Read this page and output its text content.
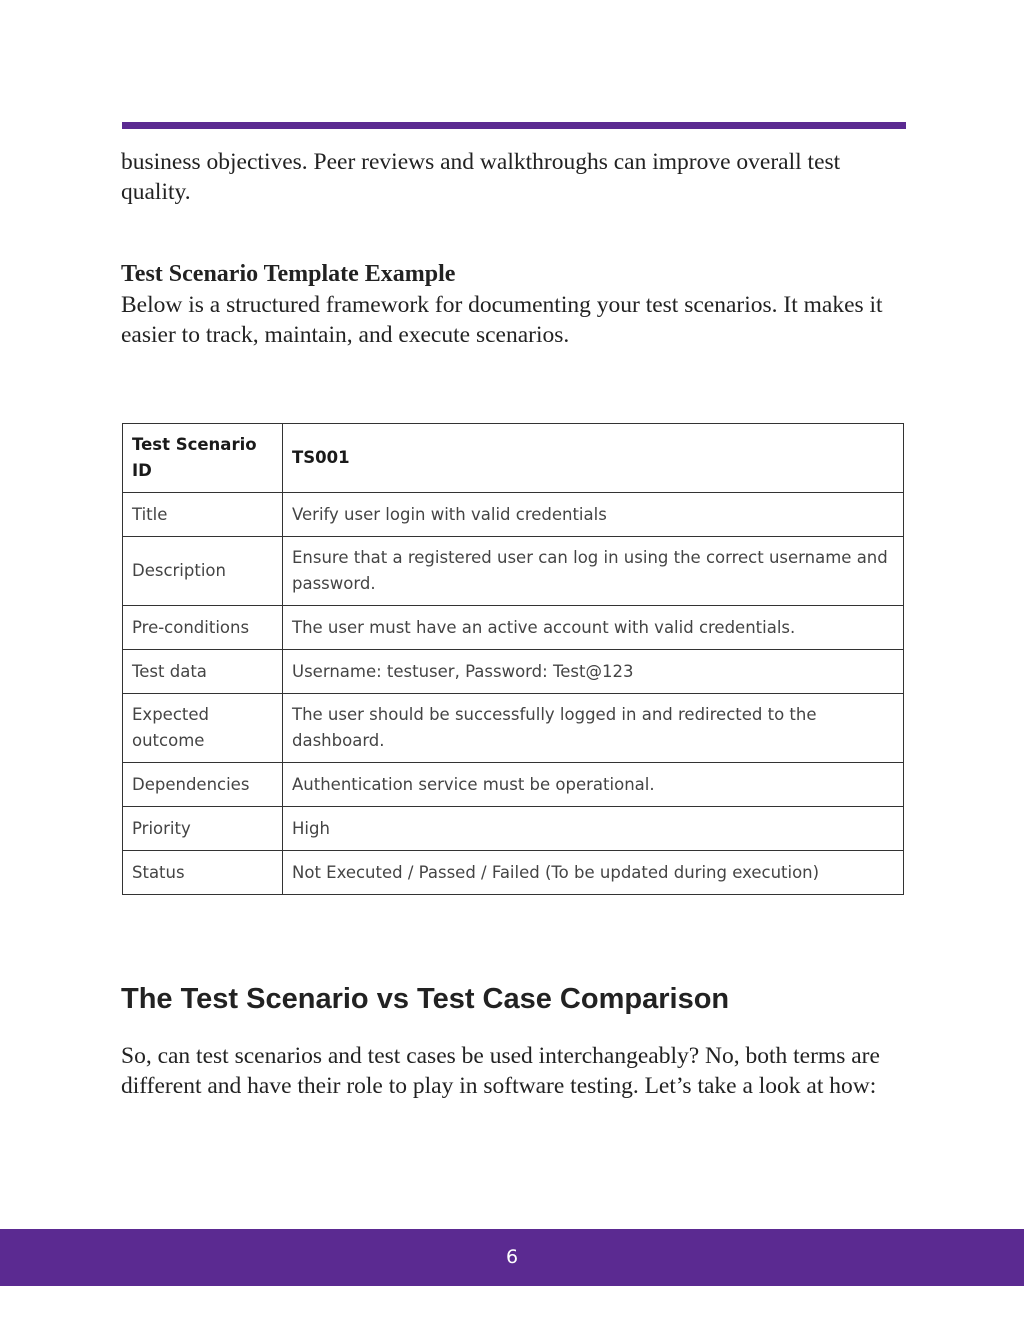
business objectives. Peer reviews and walkthroughs can improve overall test quality.

Test Scenario Template Example

Below is a structured framework for documenting your test scenarios. It makes it easier to track, maintain, and execute scenarios.

Test Scenario ID	TS001
Title	Verify user login with valid credentials
Description	Ensure that a registered user can log in using the correct username and password.
Pre-conditions	The user must have an active account with valid credentials.
Test data	Username: testuser, Password: Test@123
Expected outcome	The user should be successfully logged in and redirected to the dashboard.
Dependencies	Authentication service must be operational.
Priority	High
Status	Not Executed / Passed / Failed (To be updated during execution)
The Test Scenario vs Test Case Comparison

So, can test scenarios and test cases be used interchangeably? No, both terms are different and have their role to play in software testing. Let’s take a look at how:

6
